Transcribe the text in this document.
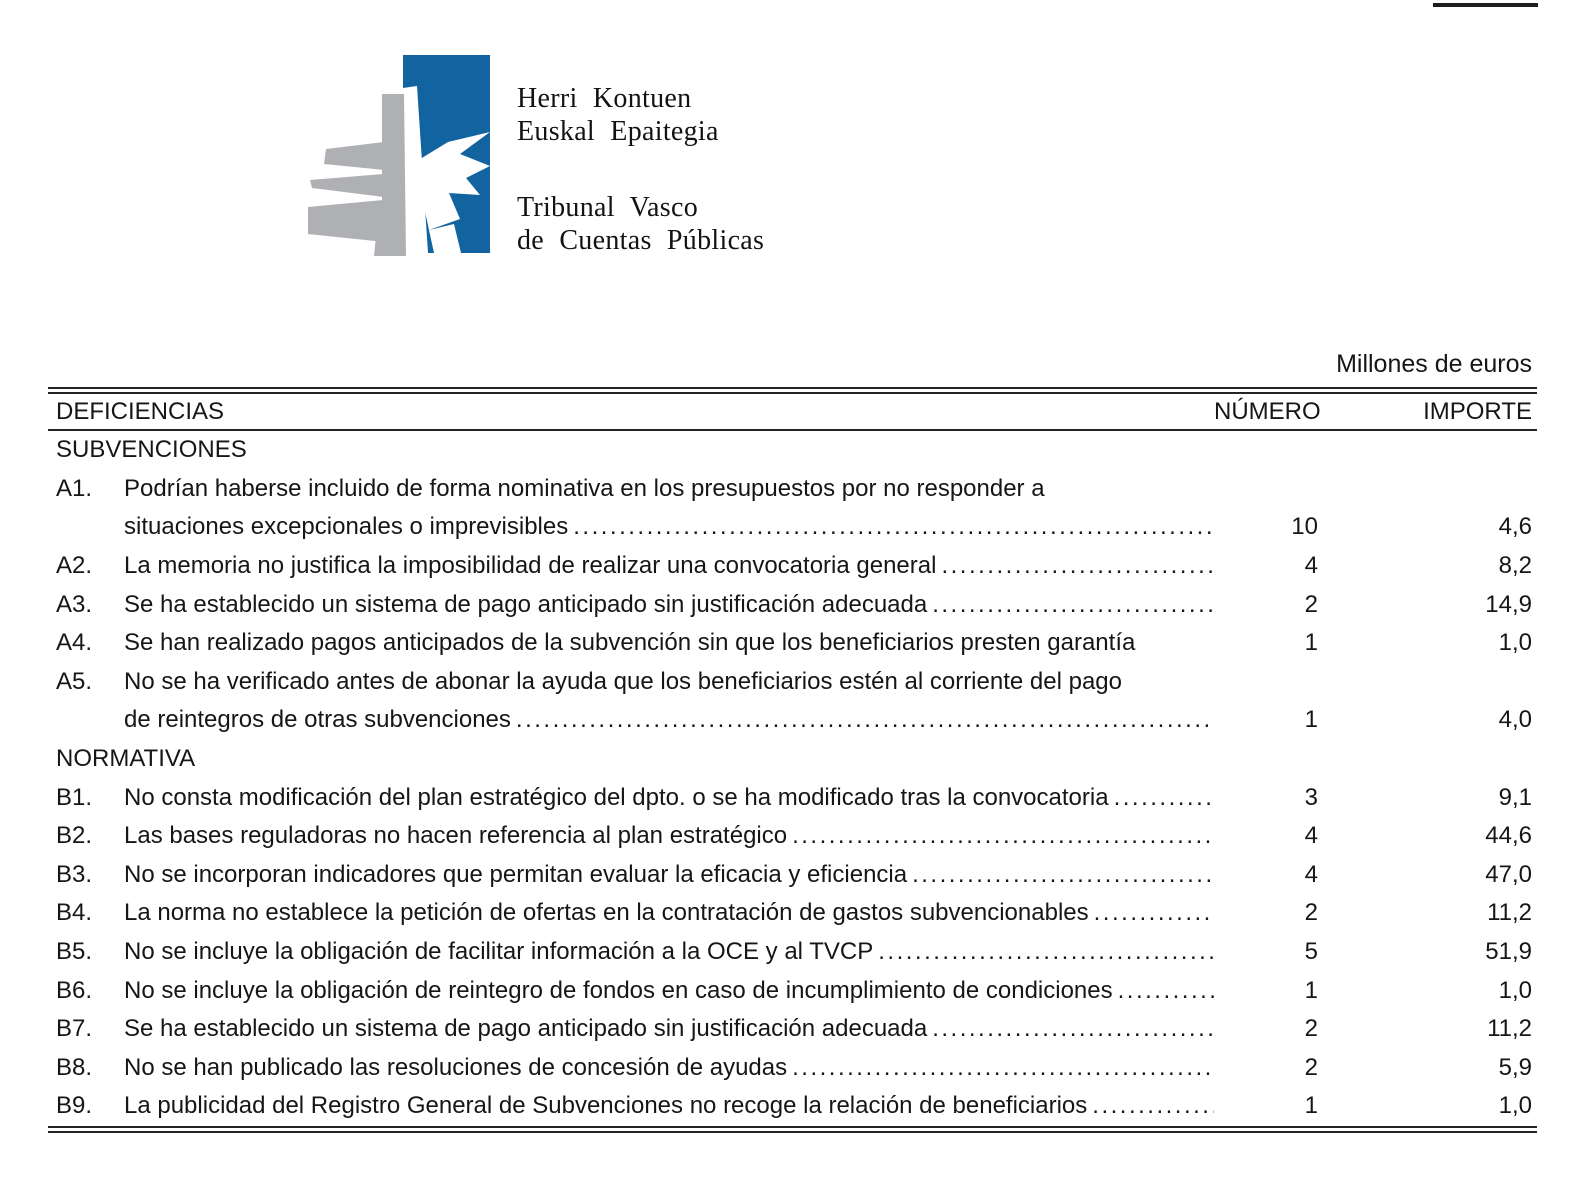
Herri Kontuen
Euskal Epaitegia
Tribunal Vasco
de Cuentas Públicas
Millones de euros
DEFICIENCIAS	NÚMERO	IMPORTE
SUBVENCIONES
A1.	Podrían haberse incluido de forma nominativa en los presupuestos por no responder a
situaciones excepcionales o imprevisibles .....	10	4,6
A2.	La memoria no justifica la imposibilidad de realizar una convocatoria general .....	4	8,2
A3.	Se ha establecido un sistema de pago anticipado sin justificación adecuada .....	2	14,9
A4.	Se han realizado pagos anticipados de la subvención sin que los beneficiarios presten garantía	1	1,0
A5.	No se ha verificado antes de abonar la ayuda que los beneficiarios estén al corriente del pago
de reintegros de otras subvenciones .....	1	4,0
NORMATIVA
B1.	No consta modificación del plan estratégico del dpto. o se ha modificado tras la convocatoria .....	3	9,1
B2.	Las bases reguladoras no hacen referencia al plan estratégico .....	4	44,6
B3.	No se incorporan indicadores que permitan evaluar la eficacia y eficiencia .....	4	47,0
B4.	La norma no establece la petición de ofertas en la contratación de gastos subvencionables .....	2	11,2
B5.	No se incluye la obligación de facilitar información a la OCE y al TVCP .....	5	51,9
B6.	No se incluye la obligación de reintegro de fondos en caso de incumplimiento de condiciones .....	1	1,0
B7.	Se ha establecido un sistema de pago anticipado sin justificación adecuada .....	2	11,2
B8.	No se han publicado las resoluciones de concesión de ayudas .....	2	5,9
B9.	La publicidad del Registro General de Subvenciones no recoge la relación de beneficiarios .....	1	1,0
